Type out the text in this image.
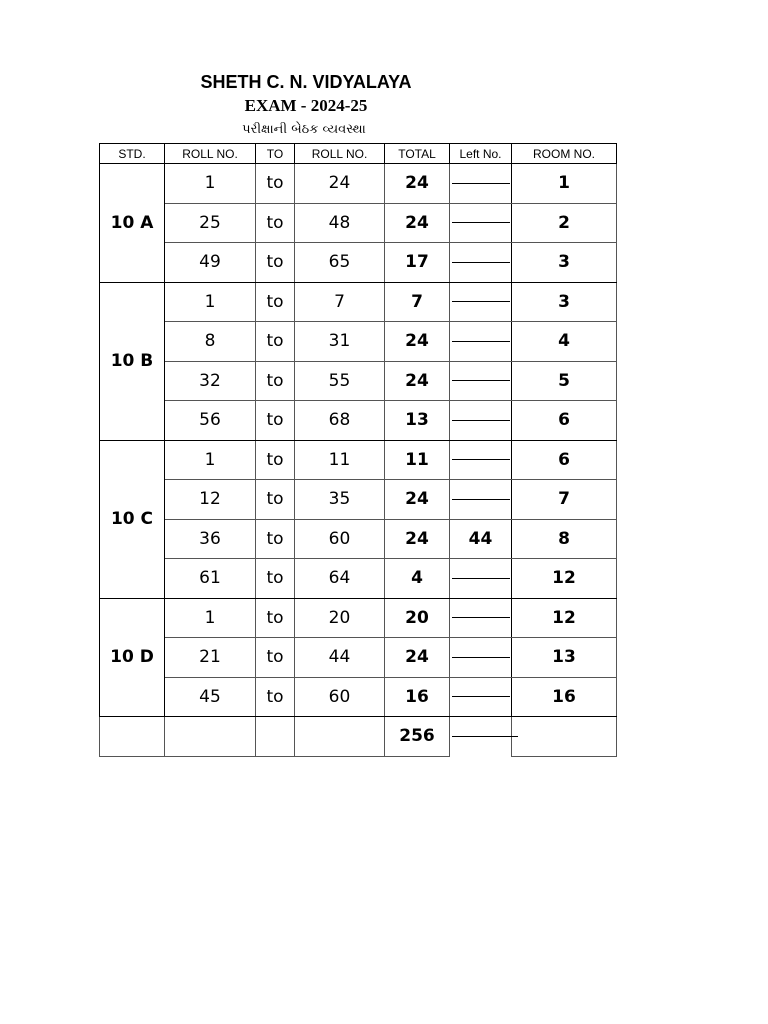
SHETH C. N. VIDYALAYA
EXAM - 2024-25
પરીક્ષાની બેઠક વ્યવસ્થા
STD.	ROLL NO.	TO	ROLL NO.	TOTAL	Left No.	ROOM NO.
10 A	1	to	24	24		1
	25	to	48	24		2
	49	to	65	17		3
10 B	1	to	7	7		3
	8	to	31	24		4
	32	to	55	24		5
	56	to	68	13		6
10 C	1	to	11	11		6
	12	to	35	24		7
	36	to	60	24	44	8
	61	to	64	4		12
10 D	1	to	20	20		12
	21	to	44	24		13
	45	to	60	16		16
				256		
